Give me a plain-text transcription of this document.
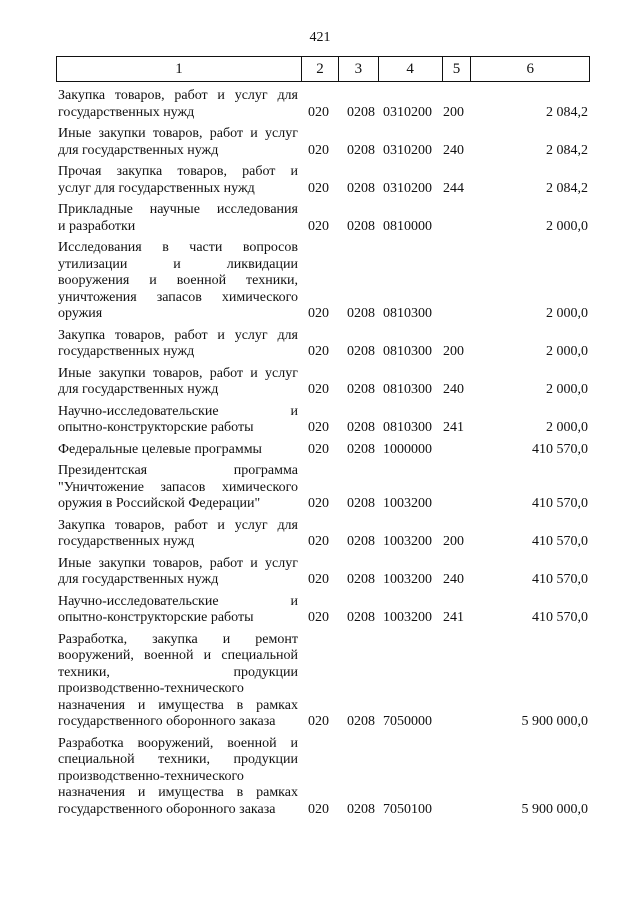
421
1	2	3	4	5	6
Закупка товаров, работ и услуг для
государственных нужд	020	0208 0310200 200	2 084,2
Иные закупки товаров, работ и услуг
для государственных нужд	020	0208 0310200 240	2 084,2
Прочая закупка товаров, работ и
услуг для государственных нужд	020	0208 0310200 244	2 084,2
Прикладные научные исследования
и разработки	020	0208 0810000	2 000,0
Исследования в части вопросов
утилизации и ликвидации
вооружения и военной техники,
уничтожения запасов химического
оружия	020	0208 0810300	2 000,0
Закупка товаров, работ и услуг для
государственных нужд	020	0208 0810300 200	2 000,0
Иные закупки товаров, работ и услуг
для государственных нужд	020	0208 0810300 240	2 000,0
Научно-исследовательские и
опытно-конструкторские работы	020	0208 0810300 241	2 000,0
Федеральные целевые программы	020	0208 1000000	410 570,0
Президентская программа
"Уничтожение запасов химического
оружия в Российской Федерации"	020	0208 1003200	410 570,0
Закупка товаров, работ и услуг для
государственных нужд	020	0208 1003200 200	410 570,0
Иные закупки товаров, работ и услуг
для государственных нужд	020	0208 1003200 240	410 570,0
Научно-исследовательские и
опытно-конструкторские работы	020	0208 1003200 241	410 570,0
Разработка, закупка и ремонт
вооружений, военной и специальной
техники, продукции
производственно-технического
назначения и имущества в рамках
государственного оборонного заказа	020	0208 7050000	5 900 000,0
Разработка вооружений, военной и
специальной техники, продукции
производственно-технического
назначения и имущества в рамках
государственного оборонного заказа	020	0208 7050100	5 900 000,0
